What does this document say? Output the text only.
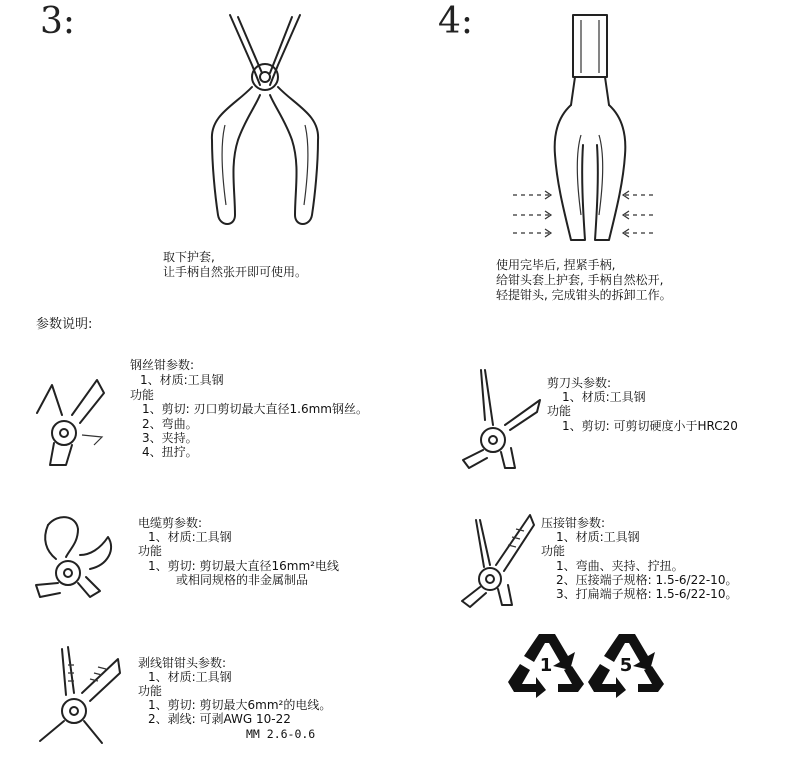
3:
取下护套,
让手柄自然张开即可使用。
4:
使用完毕后, 捏紧手柄,
给钳头套上护套, 手柄自然松开,
轻提钳头, 完成钳头的拆卸工作。
参数说明:
钢丝钳参数:
1、材质:工具钢
功能
1、剪切: 刃口剪切最大直径1.6mm钢丝。
2、弯曲。
3、夹持。
4、扭拧。
剪刀头参数:
1、材质:工具钢
功能
1、剪切: 可剪切硬度小于HRC20
电缆剪参数:
1、材质:工具钢
功能
1、剪切: 剪切最大直径16mm²电线
或相同规格的非金属制品
压接钳参数:
1、材质:工具钢
功能
1、弯曲、夹持、拧扭。
2、压接端子规格: 1.5-6/22-10。
3、打扁端子规格: 1.5-6/22-10。
剥线钳钳头参数:
1、材质:工具钢
功能
1、剪切: 剪切最大6mm²的电线。
2、剥线: 可剥AWG 10-22
MM 2.6-0.6
1	5
